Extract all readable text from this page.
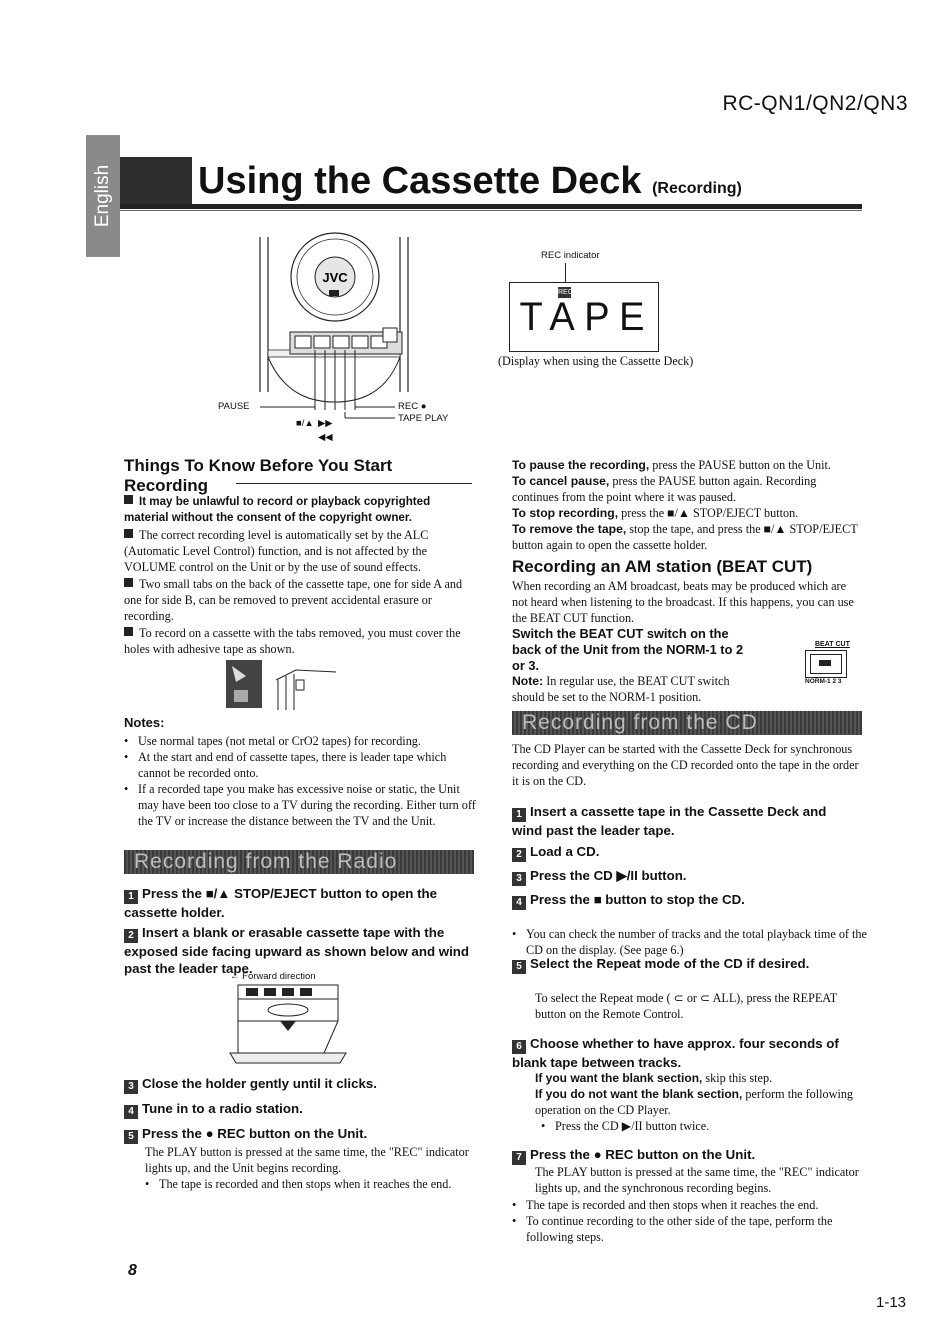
RC-QN1/QN2/QN3
English Using the Cassette Deck (Recording)
JVC
PAUSE	REC ●
TAPE PLAY
■/▲ ▶▶
◀◀
REC indicator
REC
TAPE
(Display when using the Cassette Deck)
Things To Know Before You Start Recording
It may be unlawful to record or playback copyrighted material without the consent of the copyright owner.
The correct recording level is automatically set by the ALC (Automatic Level Control) function, and is not affected by the VOLUME control on the Unit or by the use of sound effects.
Two small tabs on the back of the cassette tape, one for side A and one for side B, can be removed to prevent accidental erasure or recording.
To record on a cassette with the tabs removed, you must cover the holes with adhesive tape as shown.
Notes:
• Use normal tapes (not metal or CrO2 tapes) for recording.
• At the start and end of cassette tapes, there is leader tape which cannot be recorded onto.
• If a recorded tape you make has excessive noise or static, the Unit may have been too close to a TV during the recording. Either turn off the TV or increase the distance between the TV and the Unit.
Recording from the Radio
1 Press the ■/▲ STOP/EJECT button to open the cassette holder.
2 Insert a blank or erasable cassette tape with the exposed side facing upward as shown below and wind past the leader tape.
← Forward direction
3 Close the holder gently until it clicks.
4 Tune in to a radio station.
5 Press the ● REC button on the Unit.
The PLAY button is pressed at the same time, the "REC" indicator lights up, and the Unit begins recording.
• The tape is recorded and then stops when it reaches the end.
To pause the recording, press the PAUSE button on the Unit.
To cancel pause, press the PAUSE button again. Recording continues from the point where it was paused.
To stop recording, press the ■/▲ STOP/EJECT button.
To remove the tape, stop the tape, and press the ■/▲ STOP/EJECT button again to open the cassette holder.
Recording an AM station (BEAT CUT)
When recording an AM broadcast, beats may be produced which are not heard when listening to the broadcast. If this happens, you can use the BEAT CUT function.
Switch the BEAT CUT switch on the back of the Unit from the NORM-1 to 2 or 3.
Note: In regular use, the BEAT CUT switch should be set to the NORM-1 position.
BEAT CUT
NORM-1 2 3
Recording from the CD
The CD Player can be started with the Cassette Deck for synchronous recording and everything on the CD recorded onto the tape in the order it is on the CD.
1 Insert a cassette tape in the Cassette Deck and wind past the leader tape.
2 Load a CD.
3 Press the CD ▶/II button.
4 Press the ■ button to stop the CD.
• You can check the number of tracks and the total playback time of the CD on the display. (See page 6.)
5 Select the Repeat mode of the CD if desired.
To select the Repeat mode ( ⊂ or ⊂ ALL), press the REPEAT button on the Remote Control.
6 Choose whether to have approx. four seconds of blank tape between tracks.
If you want the blank section, skip this step.
If you do not want the blank section, perform the following operation on the CD Player.
• Press the CD ▶/II button twice.
7 Press the ● REC button on the Unit.
The PLAY button is pressed at the same time, the "REC" indicator lights up, and the synchronous recording begins.
• The tape is recorded and then stops when it reaches the end.
• To continue recording to the other side of the tape, perform the following steps.
8
1-13
